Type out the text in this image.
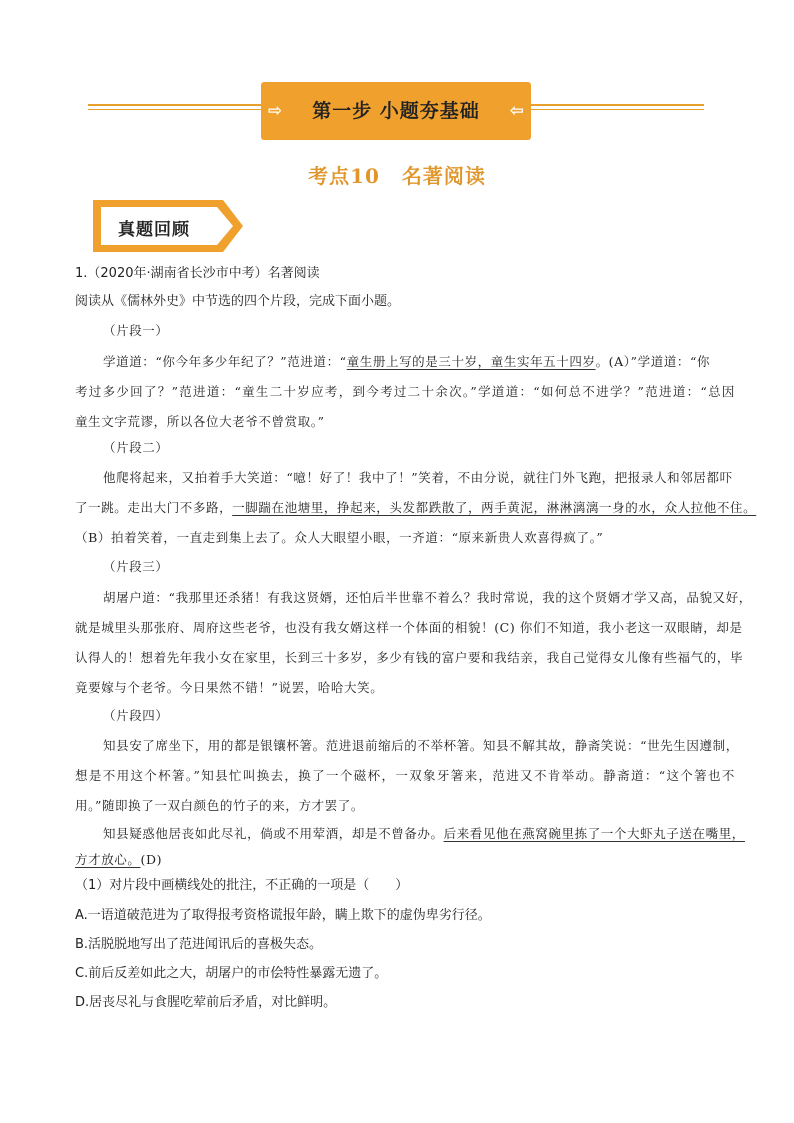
⇨	第一步 小题夯基础	⇦
考点10 名著阅读
真题回顾
1.（2020年·湖南省长沙市中考）名著阅读
阅读从《儒林外史》中节选的四个片段，完成下面小题。
（片段一）
学道道：“你今年多少年纪了？”范进道：“童生册上写的是三十岁，童生实年五十四岁。(A）”学道道：“你
考过多少回了？”范进道：“童生二十岁应考，到今考过二十余次。”学道道：“如何总不进学？”范进道：“总因
童生文字荒谬，所以各位大老爷不曾赏取。”
（片段二）
他爬将起来，又拍着手大笑道：“噫！好了！我中了！”笑着，不由分说，就往门外飞跑，把报录人和邻居都吓
了一跳。走出大门不多路，一脚踹在池塘里，挣起来，头发都跌散了，两手黄泥，淋淋漓漓一身的水，众人拉他不住。
（B）拍着笑着，一直走到集上去了。众人大眼望小眼，一齐道：“原来新贵人欢喜得疯了。”
（片段三）
胡屠户道：“我那里还杀猪！有我这贤婿，还怕后半世靠不着么？我时常说，我的这个贤婿才学又高，品貌又好，
就是城里头那张府、周府这些老爷，也没有我女婿这样一个体面的相貌！(C) 你们不知道，我小老这一双眼睛，却是
认得人的！想着先年我小女在家里，长到三十多岁，多少有钱的富户要和我结亲，我自己觉得女儿像有些福气的，毕
竟要嫁与个老爷。今日果然不错！”说罢，哈哈大笑。
（片段四）
知县安了席坐下，用的都是银镶杯箸。范进退前缩后的不举杯箸。知县不解其故，静斋笑说：“世先生因遵制，
想是不用这个杯箸。”知县忙叫换去，换了一个磁杯，一双象牙箸来，范进又不肯举动。静斋道：“这个箸也不
用。”随即换了一双白颜色的竹子的来，方才罢了。
知县疑惑他居丧如此尽礼，倘或不用荤酒，却是不曾备办。后来看见他在燕窝碗里拣了一个大虾丸子送在嘴里，
方才放心。(D)
（1）对片段中画横线处的批注，不正确的一项是（　　）
A.一语道破范进为了取得报考资格谎报年龄，瞒上欺下的虚伪卑劣行径。
B.活脱脱地写出了范进闻讯后的喜极失态。
C.前后反差如此之大，胡屠户的市侩特性暴露无遗了。
D.居丧尽礼与食腥吃荤前后矛盾，对比鲜明。
